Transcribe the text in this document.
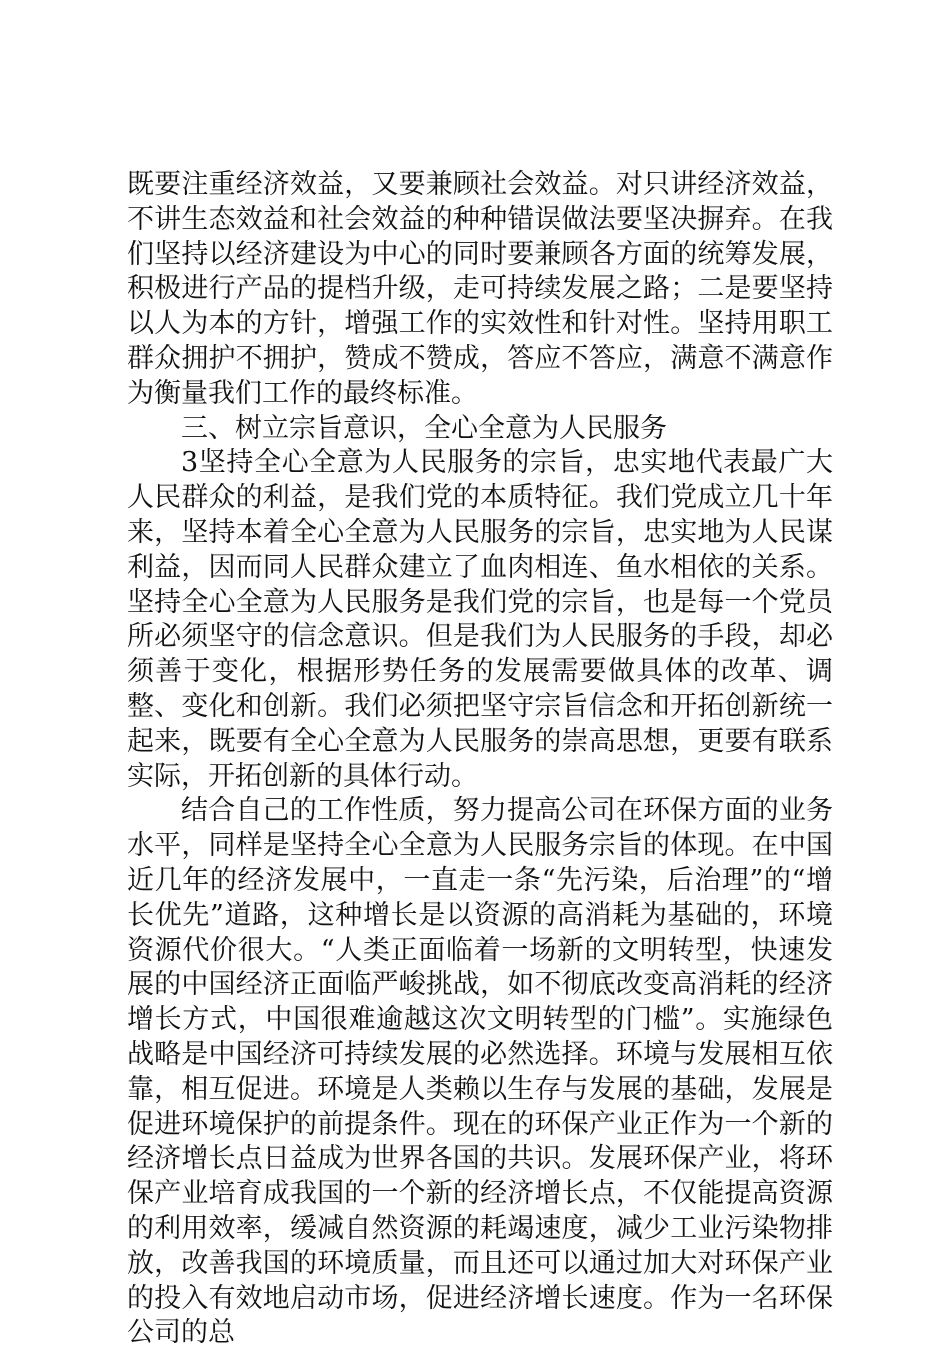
既要注重经济效益，又要兼顾社会效益。对只讲经济效益，不讲生态效益和社会效益的种种错误做法要坚决摒弃。在我们坚持以经济建设为中心的同时要兼顾各方面的统筹发展，积极进行产品的提档升级，走可持续发展之路；二是要坚持以人为本的方针，增强工作的实效性和针对性。坚持用职工群众拥护不拥护，赞成不赞成，答应不答应，满意不满意作为衡量我们工作的最终标准。

三、树立宗旨意识，全心全意为人民服务

3坚持全心全意为人民服务的宗旨，忠实地代表最广大人民群众的利益，是我们党的本质特征。我们党成立几十年来，坚持本着全心全意为人民服务的宗旨，忠实地为人民谋利益，因而同人民群众建立了血肉相连、鱼水相依的关系。坚持全心全意为人民服务是我们党的宗旨，也是每一个党员所必须坚守的信念意识。但是我们为人民服务的手段，却必须善于变化，根据形势任务的发展需要做具体的改革、调整、变化和创新。我们必须把坚守宗旨信念和开拓创新统一起来，既要有全心全意为人民服务的崇高思想，更要有联系实际，开拓创新的具体行动。

结合自己的工作性质，努力提高公司在环保方面的业务水平，同样是坚持全心全意为人民服务宗旨的体现。在中国近几年的经济发展中，一直走一条“先污染，后治理”的“增长优先”道路，这种增长是以资源的高消耗为基础的，环境资源代价很大。“人类正面临着一场新的文明转型，快速发展的中国经济正面临严峻挑战，如不彻底改变高消耗的经济增长方式，中国很难逾越这次文明转型的门槛”。实施绿色战略是中国经济可持续发展的必然选择。环境与发展相互依靠，相互促进。环境是人类赖以生存与发展的基础，发展是促进环境保护的前提条件。现在的环保产业正作为一个新的经济增长点日益成为世界各国的共识。发展环保产业，将环保产业培育成我国的一个新的经济增长点，不仅能提高资源的利用效率，缓减自然资源的耗竭速度，减少工业污染物排放，改善我国的环境质量，而且还可以通过加大对环保产业的投入有效地启动市场，促进经济增长速度。作为一名环保公司的总
